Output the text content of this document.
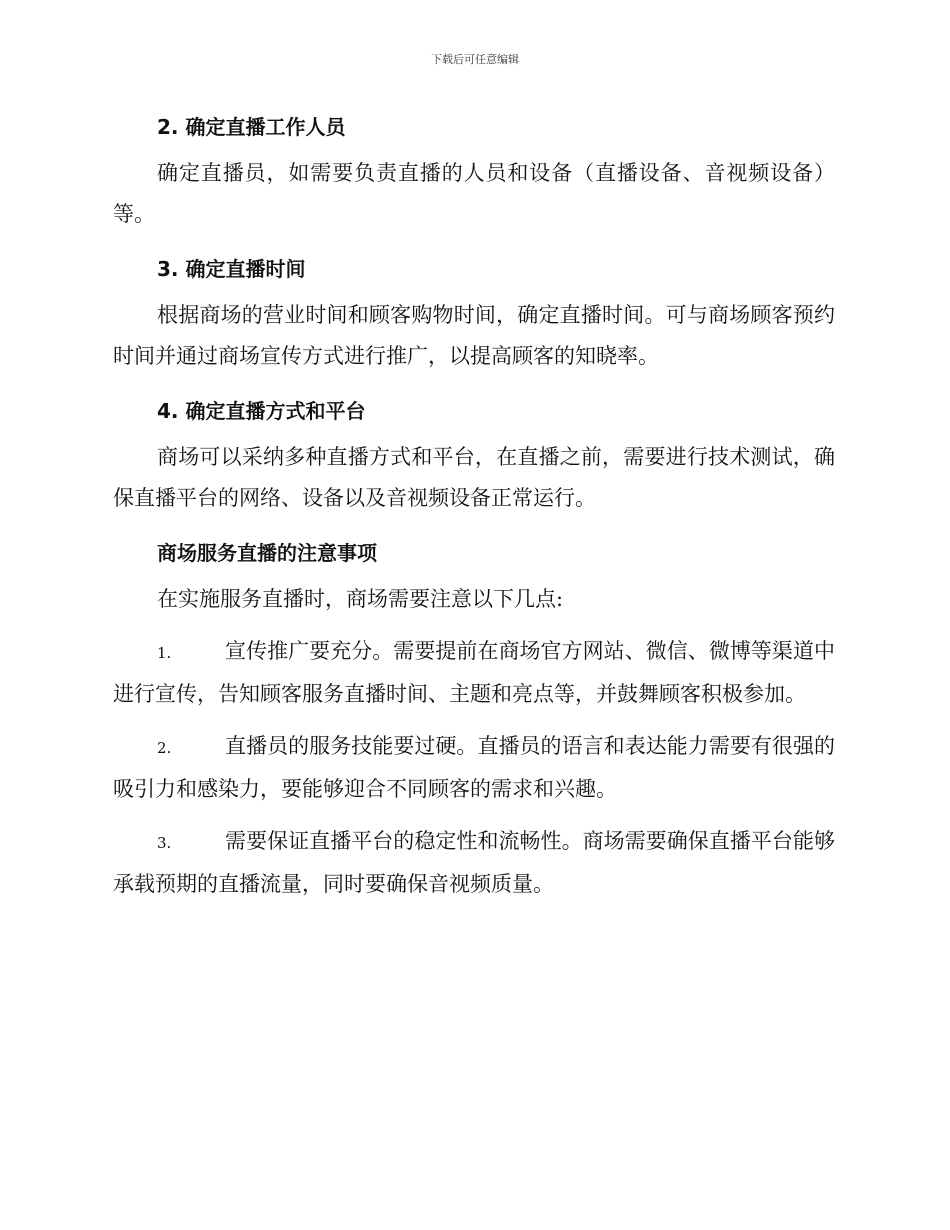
下载后可任意编辑
2. 确定直播工作人员

确定直播员，如需要负责直播的人员和设备（直播设备、音视频设备）等。

3. 确定直播时间

根据商场的营业时间和顾客购物时间，确定直播时间。可与商场顾客预约时间并通过商场宣传方式进行推广，以提高顾客的知晓率。

4. 确定直播方式和平台

商场可以采纳多种直播方式和平台，在直播之前，需要进行技术测试，确保直播平台的网络、设备以及音视频设备正常运行。

商场服务直播的注意事项

在实施服务直播时，商场需要注意以下几点:

1.	宣传推广要充分。需要提前在商场官方网站、微信、微博等渠道中进行宣传，告知顾客服务直播时间、主题和亮点等，并鼓舞顾客积极参加。

2.	直播员的服务技能要过硬。直播员的语言和表达能力需要有很强的吸引力和感染力，要能够迎合不同顾客的需求和兴趣。

3.	需要保证直播平台的稳定性和流畅性。商场需要确保直播平台能够承载预期的直播流量，同时要确保音视频质量。
